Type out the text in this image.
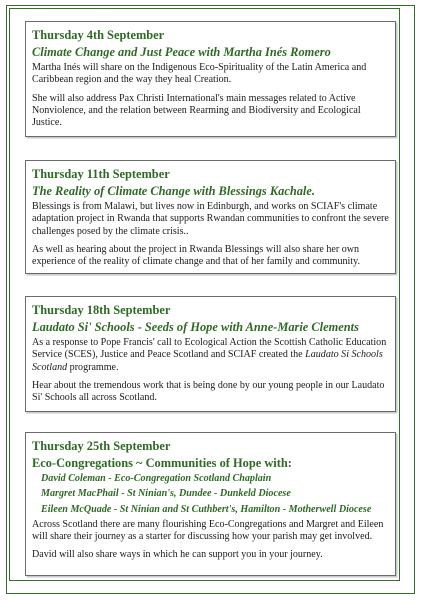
Thursday 4th September
Climate Change and Just Peace with Martha Inés Romero

Martha Inés will share on the Indigenous Eco-Spirituality of the Latin America and Caribbean region and the way they heal Creation.

She will also address Pax Christi International's main messages related to Active Nonviolence, and the relation between Rearming and Biodiversity and Ecological Justice.

Thursday 11th September
The Reality of Climate Change with Blessings Kachale.

Blessings is from Malawi, but lives now in Edinburgh, and works on SCIAF's climate adaptation project in Rwanda that supports Rwandan communities to confront the severe challenges posed by the climate crisis..

As well as hearing about the project in Rwanda Blessings will also share her own experience of the reality of climate change and that of her family and community.

Thursday 18th September
Laudato Si' Schools - Seeds of Hope with Anne-Marie Clements

As a response to Pope Francis' call to Ecological Action the Scottish Catholic Education Service (SCES), Justice and Peace Scotland and SCIAF created the Laudato Si Schools Scotland programme.

Hear about the tremendous work that is being done by our young people in our Laudato Si' Schools all across Scotland.

Thursday 25th September
Eco-Congregations ~ Communities of Hope with:
David Coleman - Eco-Congregation Scotland Chaplain
Margret MacPhail - St Ninian's, Dundee - Dunkeld Diocese
Eileen McQuade - St Ninian and St Cuthbert's, Hamilton - Motherwell Diocese

Across Scotland there are many flourishing Eco-Congregations and Margret and Eileen will share their journey as a starter for discussing how your parish may get involved.

David will also share ways in which he can support you in your journey.
